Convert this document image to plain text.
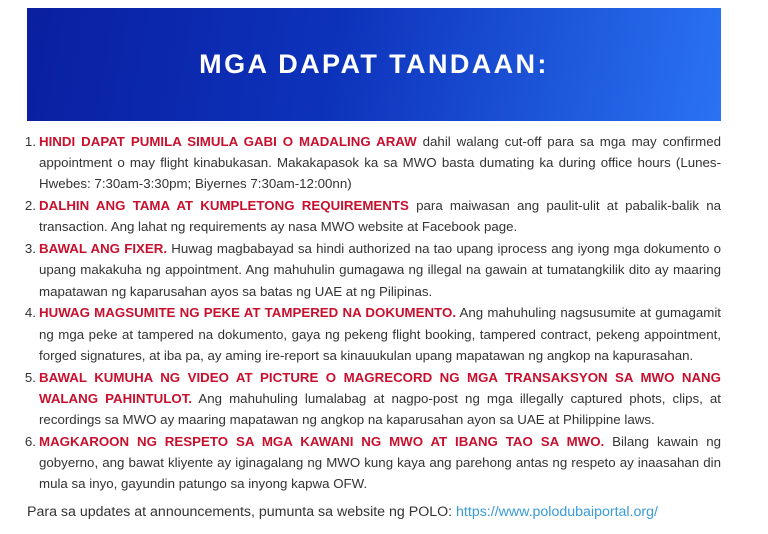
MGA DAPAT TANDAAN:
1. HINDI DAPAT PUMILA SIMULA GABI O MADALING ARAW dahil walang cut-off para sa mga may confirmed appointment o may flight kinabukasan. Makakapasok ka sa MWO basta dumating ka during office hours (Lunes-Hwebes: 7:30am-3:30pm; Biyernes 7:30am-12:00nn)
2. DALHIN ANG TAMA AT KUMPLETONG REQUIREMENTS para maiwasan ang paulit-ulit at pabalik-balik na transaction. Ang lahat ng requirements ay nasa MWO website at Facebook page.
3. BAWAL ANG FIXER. Huwag magbabayad sa hindi authorized na tao upang iprocess ang iyong mga dokumento o upang makakuha ng appointment. Ang mahuhulin gumagawa ng illegal na gawain at tumatangkilik dito ay maaring mapatawan ng kaparusahan ayos sa batas ng UAE at ng Pilipinas.
4. HUWAG MAGSUMITE NG PEKE AT TAMPERED NA DOKUMENTO. Ang mahuhuling nagsusumite at gumagamit ng mga peke at tampered na dokumento, gaya ng pekeng flight booking, tampered contract, pekeng appointment, forged signatures, at iba pa, ay aming ire-report sa kinauukulan upang mapatawan ng angkop na kapurasahan.
5. BAWAL KUMUHA NG VIDEO AT PICTURE O MAGRECORD NG MGA TRANSAKSYON SA MWO NANG WALANG PAHINTULOT. Ang mahuhuling lumalabag at nagpo-post ng mga illegally captured phots, clips, at recordings sa MWO ay maaring mapatawan ng angkop na kaparusahan ayon sa UAE at Philippine laws.
6. MAGKAROON NG RESPETO SA MGA KAWANI NG MWO AT IBANG TAO SA MWO. Bilang kawain ng gobyerno, ang bawat kliyente ay iginagalang ng MWO kung kaya ang parehong antas ng respeto ay inaasahan din mula sa inyo, gayundin patungo sa inyong kapwa OFW.
Para sa updates at announcements, pumunta sa website ng POLO: https://www.polodubaiportal.org/
